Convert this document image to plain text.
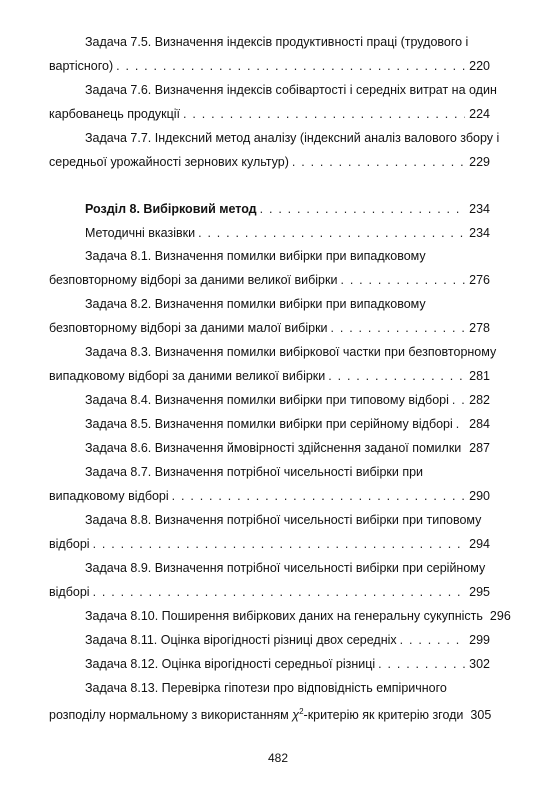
Задача 7.5. Визначення індексів продуктивності праці (трудового і
вартісного) . . .	220
Задача 7.6. Визначення індексів собівартості і середніх витрат на один
карбованець продукції . . .	224
Задача 7.7. Індексний метод аналізу (індексний аналіз валового збору і
середньої урожайності зернових культур) . . .	229
Розділ 8. Вибірковий метод . . .	234
Методичні вказівки . . .	234
Задача 8.1. Визначення помилки вибірки при випадковому
безповторному відборі за даними великої вибірки . . .	276
Задача 8.2. Визначення помилки вибірки при випадковому
безповторному відборі за даними малої вибірки . . .	278
Задача 8.3. Визначення помилки вибіркової частки при безповторному
випадковому відборі за даними великої вибірки . . .	281
Задача 8.4. Визначення помилки вибірки при типовому відборі . . . 282
Задача 8.5. Визначення помилки вибірки при серійному відборі . . . 284
Задача 8.6. Визначення ймовірності здійснення заданої помилки . . . 287
Задача 8.7. Визначення потрібної чисельності вибірки при
випадковому відборі . . .	290
Задача 8.8. Визначення потрібної чисельності вибірки при типовому
відборі . . .	294
Задача 8.9. Визначення потрібної чисельності вибірки при серійному
відборі . . .	295
Задача 8.10. Поширення вибіркових даних на генеральну сукупність 296
Задача 8.11. Оцінка вірогідності різниці двох середніх . . .	299
Задача 8.12. Оцінка вірогідності середньої різниці . . .	302
Задача 8.13. Перевірка гіпотези про відповідність емпіричного
розподілу нормальному з використанням $\chi^2$-критерію як критерію згоди 305
482
